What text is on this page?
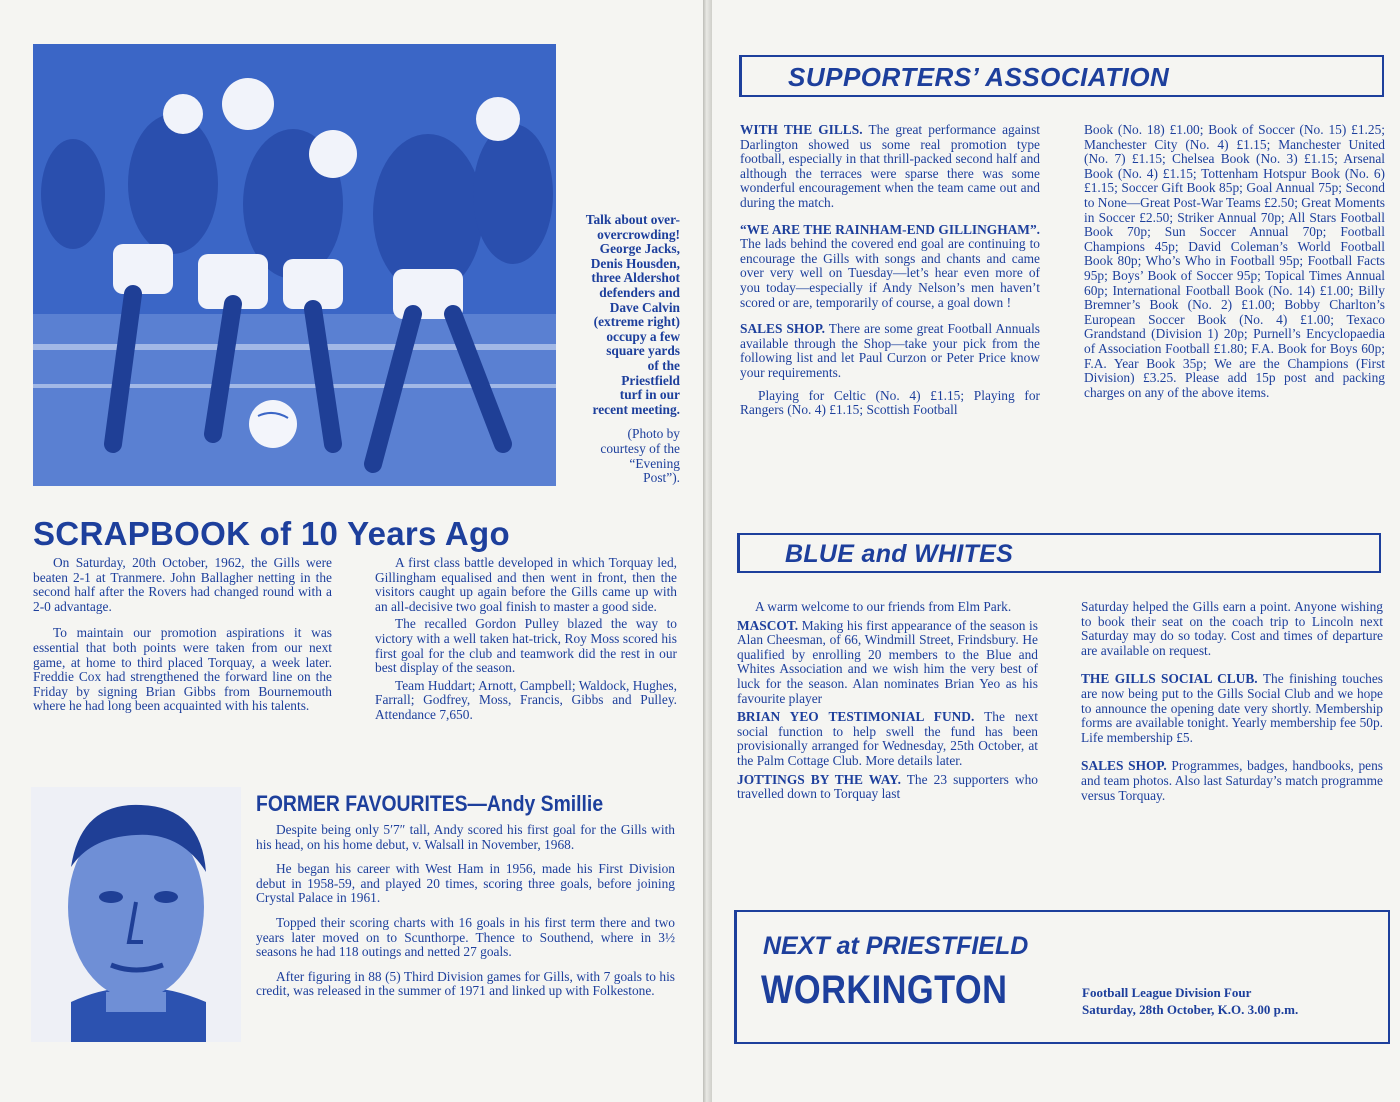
Talk about over-
overcrowding!
George Jacks,
Denis Housden,
three Aldershot
defenders and
Dave Calvin
(extreme right)
occupy a few
square yards
of the
Priestfield
turf in our
recent meeting.
(Photo by
courtesy of the
“Evening
Post”).
SCRAPBOOK of 10 Years Ago

On Saturday, 20th October, 1962, the Gills were beaten 2-1 at Tranmere. John Ballagher netting in the second half after the Rovers had changed round with a 2-0 advantage.

To maintain our promotion aspirations it was essential that both points were taken from our next game, at home to third placed Torquay, a week later. Freddie Cox had strengthened the forward line on the Friday by signing Brian Gibbs from Bournemouth where he had long been acquainted with his talents.

A first class battle developed in which Torquay led, Gillingham equalised and then went in front, then the visitors caught up again before the Gills came up with an all-decisive two goal finish to master a good side.

The recalled Gordon Pulley blazed the way to victory with a well taken hat-trick, Roy Moss scored his first goal for the club and teamwork did the rest in our best display of the season.

Team Huddart; Arnott, Campbell; Waldock, Hughes, Farrall; Godfrey, Moss, Francis, Gibbs and Pulley. Attendance 7,650.

FORMER FAVOURITES—Andy Smillie

Despite being only 5′7″ tall, Andy scored his first goal for the Gills with his head, on his home debut, v. Walsall in November, 1968.

He began his career with West Ham in 1956, made his First Division debut in 1958-59, and played 20 times, scoring three goals, before joining Crystal Palace in 1961.

Topped their scoring charts with 16 goals in his first term there and two years later moved on to Scunthorpe. Thence to Southend, where in 3½ seasons he had 118 outings and netted 27 goals.

After figuring in 88 (5) Third Division games for Gills, with 7 goals to his credit, was released in the summer of 1971 and linked up with Folkestone.

SUPPORTERS’ ASSOCIATION

WITH THE GILLS. The great performance against Darlington showed us some real promotion type football, especially in that thrill-packed second half and although the terraces were sparse there was some wonderful encouragement when the team came out and during the match.

“WE ARE THE RAINHAM-END GILLINGHAM”. The lads behind the covered end goal are continuing to encourage the Gills with songs and chants and came over very well on Tuesday—let’s hear even more of you today—especially if Andy Nelson’s men haven’t scored or are, temporarily of course, a goal down !

SALES SHOP. There are some great Football Annuals available through the Shop—take your pick from the following list and let Paul Curzon or Peter Price know your requirements.

Playing for Celtic (No. 4) £1.15; Playing for Rangers (No. 4) £1.15; Scottish Football

Book (No. 18) £1.00; Book of Soccer (No. 15) £1.25; Manchester City (No. 4) £1.15; Manchester United (No. 7) £1.15; Chelsea Book (No. 3) £1.15; Arsenal Book (No. 4) £1.15; Tottenham Hotspur Book (No. 6) £1.15; Soccer Gift Book 85p; Goal Annual 75p; Second to None—Great Post-War Teams £2.50; Great Moments in Soccer £2.50; Striker Annual 70p; All Stars Football Book 70p; Sun Soccer Annual 70p; Football Champions 45p; David Coleman’s World Football Book 80p; Who’s Who in Football 95p; Football Facts 95p; Boys’ Book of Soccer 95p; Topical Times Annual 60p; International Football Book (No. 14) £1.00; Billy Bremner’s Book (No. 2) £1.00; Bobby Charlton’s European Soccer Book (No. 4) £1.00; Texaco Grandstand (Division 1) 20p; Purnell’s Encyclopaedia of Association Football £1.80; F.A. Book for Boys 60p; F.A. Year Book 35p; We are the Champions (First Division) £3.25. Please add 15p post and packing charges on any of the above items.

BLUE and WHITES

A warm welcome to our friends from Elm Park.

MASCOT. Making his first appearance of the season is Alan Cheesman, of 66, Windmill Street, Frindsbury. He qualified by enrolling 20 members to the Blue and Whites Association and we wish him the very best of luck for the season. Alan nominates Brian Yeo as his favourite player

BRIAN YEO TESTIMONIAL FUND. The next social function to help swell the fund has been provisionally arranged for Wednesday, 25th October, at the Palm Cottage Club. More details later.

JOTTINGS BY THE WAY. The 23 supporters who travelled down to Torquay last

Saturday helped the Gills earn a point. Anyone wishing to book their seat on the coach trip to Lincoln next Saturday may do so today. Cost and times of departure are available on request.

THE GILLS SOCIAL CLUB. The finishing touches are now being put to the Gills Social Club and we hope to announce the opening date very shortly. Membership forms are available tonight. Yearly membership fee 50p. Life membership £5.

SALES SHOP. Programmes, badges, handbooks, pens and team photos. Also last Saturday’s match programme versus Torquay.

NEXT at PRIESTFIELD
WORKINGTON	Football League Division Four
Saturday, 28th October, K.O. 3.00 p.m.
